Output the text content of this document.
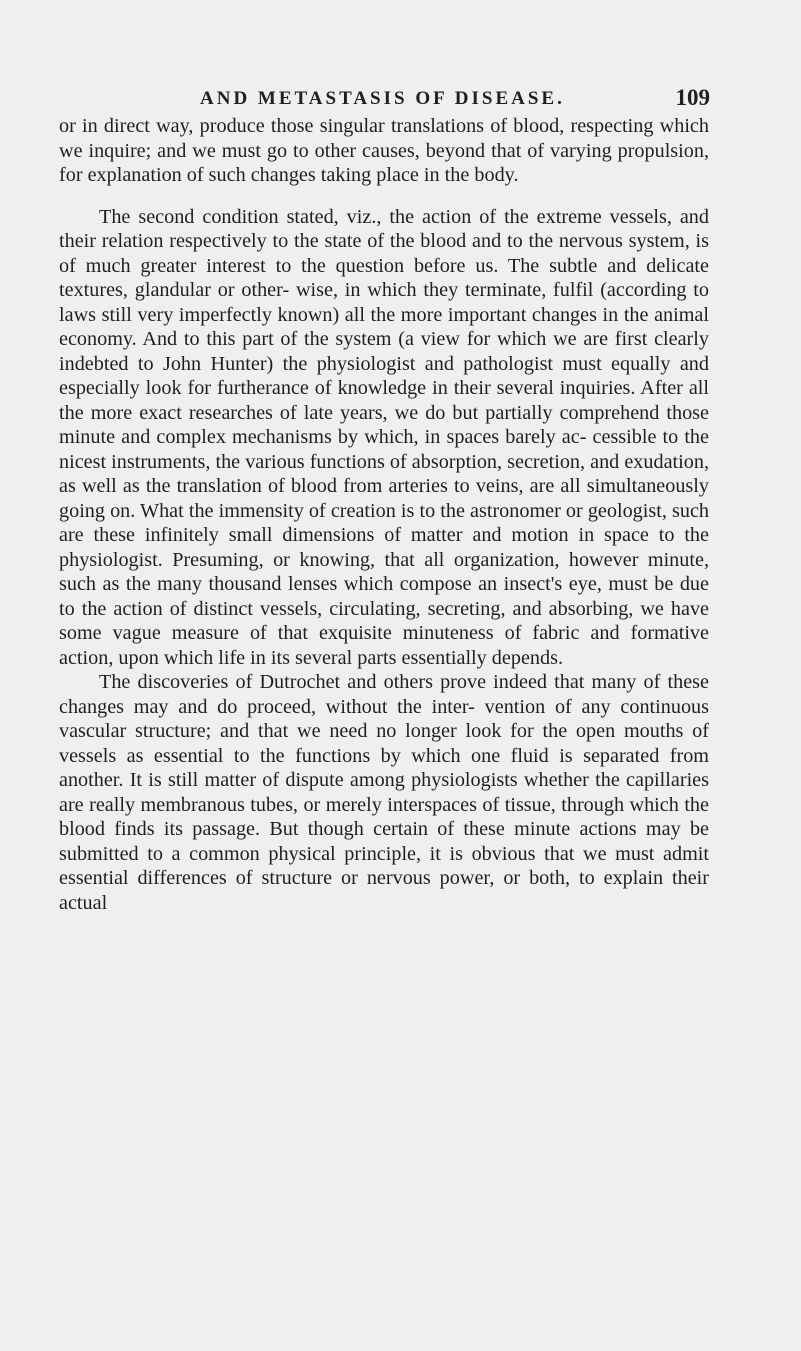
AND METASTASIS OF DISEASE.	109

or in direct way, produce those singular translations of blood, respecting which we inquire; and we must go to other causes, beyond that of varying propulsion, for explanation of such changes taking place in the body.

The second condition stated, viz., the action of the extreme vessels, and their relation respectively to the state of the blood and to the nervous system, is of much greater interest to the question before us. The subtle and delicate textures, glandular or other- wise, in which they terminate, fulfil (according to laws still very imperfectly known) all the more important changes in the animal economy. And to this part of the system (a view for which we are first clearly indebted to John Hunter) the physiologist and pathologist must equally and especially look for furtherance of knowledge in their several inquiries. After all the more exact researches of late years, we do but partially comprehend those minute and complex mechanisms by which, in spaces barely ac- cessible to the nicest instruments, the various functions of absorption, secretion, and exudation, as well as the translation of blood from arteries to veins, are all simultaneously going on. What the immensity of creation is to the astronomer or geologist, such are these infinitely small dimensions of matter and motion in space to the physiologist. Presuming, or knowing, that all organization, however minute, such as the many thousand lenses which compose an insect's eye, must be due to the action of distinct vessels, circulating, secreting, and absorbing, we have some vague measure of that exquisite minuteness of fabric and formative action, upon which life in its several parts essentially depends.

The discoveries of Dutrochet and others prove indeed that many of these changes may and do proceed, without the inter- vention of any continuous vascular structure; and that we need no longer look for the open mouths of vessels as essential to the functions by which one fluid is separated from another. It is still matter of dispute among physiologists whether the capillaries are really membranous tubes, or merely interspaces of tissue, through which the blood finds its passage. But though certain of these minute actions may be submitted to a common physical principle, it is obvious that we must admit essential differences of structure or nervous power, or both, to explain their actual
